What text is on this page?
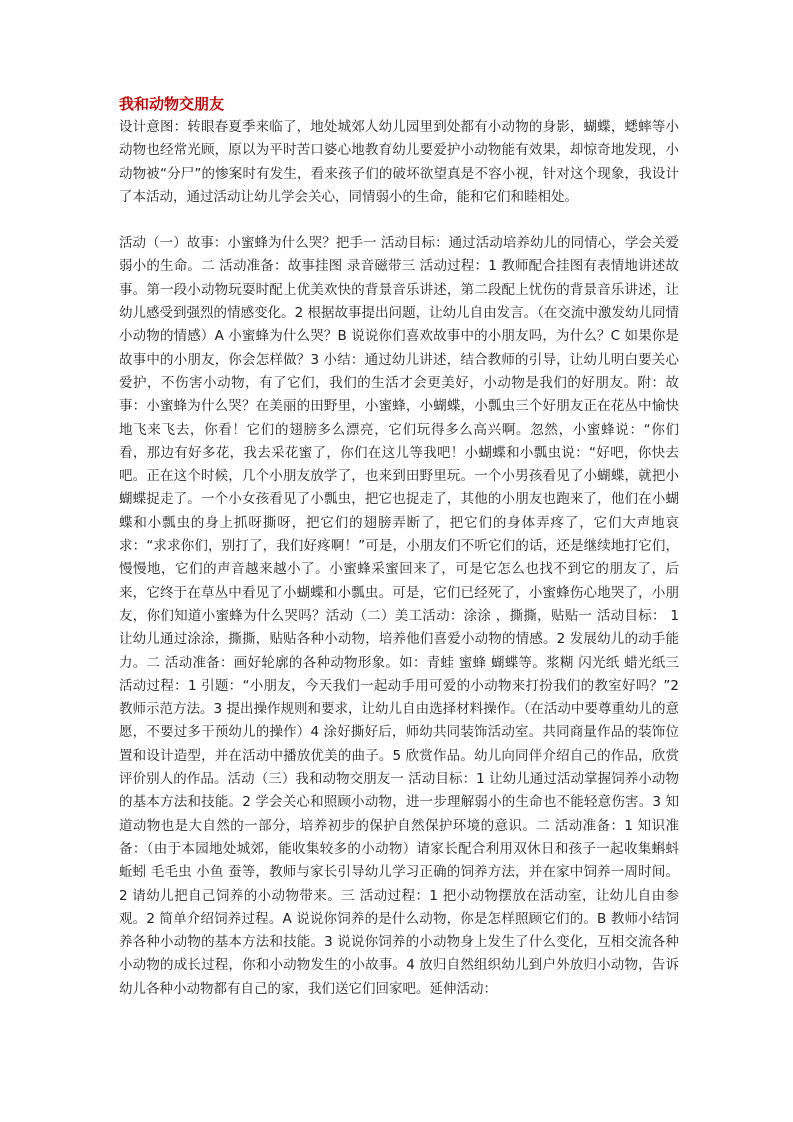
我和动物交朋友

设计意图：转眼春夏季来临了，地处城郊人幼儿园里到处都有小动物的身影，蝴蝶，蟋蟀等小动物也经常光顾，原以为平时苦口婆心地教育幼儿要爱护小动物能有效果，却惊奇地发现，小动物被“分尸”的惨案时有发生，看来孩子们的破坏欲望真是不容小视，针对这个现象，我设计了本活动，通过活动让幼儿学会关心，同情弱小的生命，能和它们和睦相处。

活动（一）故事：小蜜蜂为什么哭？把手一 活动目标：通过活动培养幼儿的同情心，学会关爱弱小的生命。二 活动准备：故事挂图 录音磁带三 活动过程：1 教师配合挂图有表情地讲述故事。第一段小动物玩耍时配上优美欢快的背景音乐讲述，第二段配上忧伤的背景音乐讲述，让幼儿感受到强烈的情感变化。2 根据故事提出问题，让幼儿自由发言。（在交流中激发幼儿同情小动物的情感）A 小蜜蜂为什么哭？B 说说你们喜欢故事中的小朋友吗，为什么？C 如果你是故事中的小朋友，你会怎样做？3 小结：通过幼儿讲述，结合教师的引导，让幼儿明白要关心爱护，不伤害小动物，有了它们，我们的生活才会更美好，小动物是我们的好朋友。附：故事：小蜜蜂为什么哭？在美丽的田野里，小蜜蜂，小蝴蝶，小瓢虫三个好朋友正在花丛中愉快地飞来飞去，你看！它们的翅膀多么漂亮，它们玩得多么高兴啊。忽然，小蜜蜂说：“你们看，那边有好多花，我去采花蜜了，你们在这儿等我吧！小蝴蝶和小瓢虫说：“好吧，你快去吧。正在这个时候，几个小朋友放学了，也来到田野里玩。一个小男孩看见了小蝴蝶，就把小蝴蝶捉走了。一个小女孩看见了小瓢虫，把它也捉走了，其他的小朋友也跑来了，他们在小蝴蝶和小瓢虫的身上抓呀撕呀，把它们的翅膀弄断了，把它们的身体弄疼了，它们大声地哀求：“求求你们，别打了，我们好疼啊！”可是，小朋友们不听它们的话，还是继续地打它们，慢慢地，它们的声音越来越小了。小蜜蜂采蜜回来了，可是它怎么也找不到它的朋友了，后来，它终于在草丛中看见了小蝴蝶和小瓢虫。可是，它们已经死了，小蜜蜂伤心地哭了，小朋友，你们知道小蜜蜂为什么哭吗？活动（二）美工活动：涂涂 ，撕撕，贴贴一 活动目标： 1 让幼儿通过涂涂，撕撕，贴贴各种小动物，培养他们喜爱小动物的情感。2 发展幼儿的动手能力。二 活动准备：画好轮廓的各种动物形象。如：青蛙 蜜蜂 蝴蝶等。浆糊 闪光纸 蜡光纸三 活动过程：1 引题：“小朋友，今天我们一起动手用可爱的小动物来打扮我们的教室好吗？”2 教师示范方法。3 提出操作规则和要求，让幼儿自由选择材料操作。（在活动中要尊重幼儿的意愿，不要过多干预幼儿的操作）4 涂好撕好后，师幼共同装饰活动室。共同商量作品的装饰位置和设计造型，并在活动中播放优美的曲子。5 欣赏作品。幼儿向同伴介绍自己的作品，欣赏评价别人的作品。活动（三）我和动物交朋友一 活动目标：1 让幼儿通过活动掌握饲养小动物的基本方法和技能。2 学会关心和照顾小动物，进一步理解弱小的生命也不能轻意伤害。3 知道动物也是大自然的一部分，培养初步的保护自然保护环境的意识。二 活动准备：1 知识准备：（由于本园地处城郊，能收集较多的小动物）请家长配合利用双休日和孩子一起收集蝌蚪 蚯蚓 毛毛虫 小鱼 蚕等，教师与家长引导幼儿学习正确的饲养方法，并在家中饲养一周时间。2 请幼儿把自己饲养的小动物带来。三 活动过程：1 把小动物摆放在活动室，让幼儿自由参观。2 简单介绍饲养过程。A 说说你饲养的是什么动物，你是怎样照顾它们的。B 教师小结饲养各种小动物的基本方法和技能。3 说说你饲养的小动物身上发生了什么变化，互相交流各种小动物的成长过程，你和小动物发生的小故事。4 放归自然组织幼儿到户外放归小动物，告诉幼儿各种小动物都有自己的家，我们送它们回家吧。延伸活动：
